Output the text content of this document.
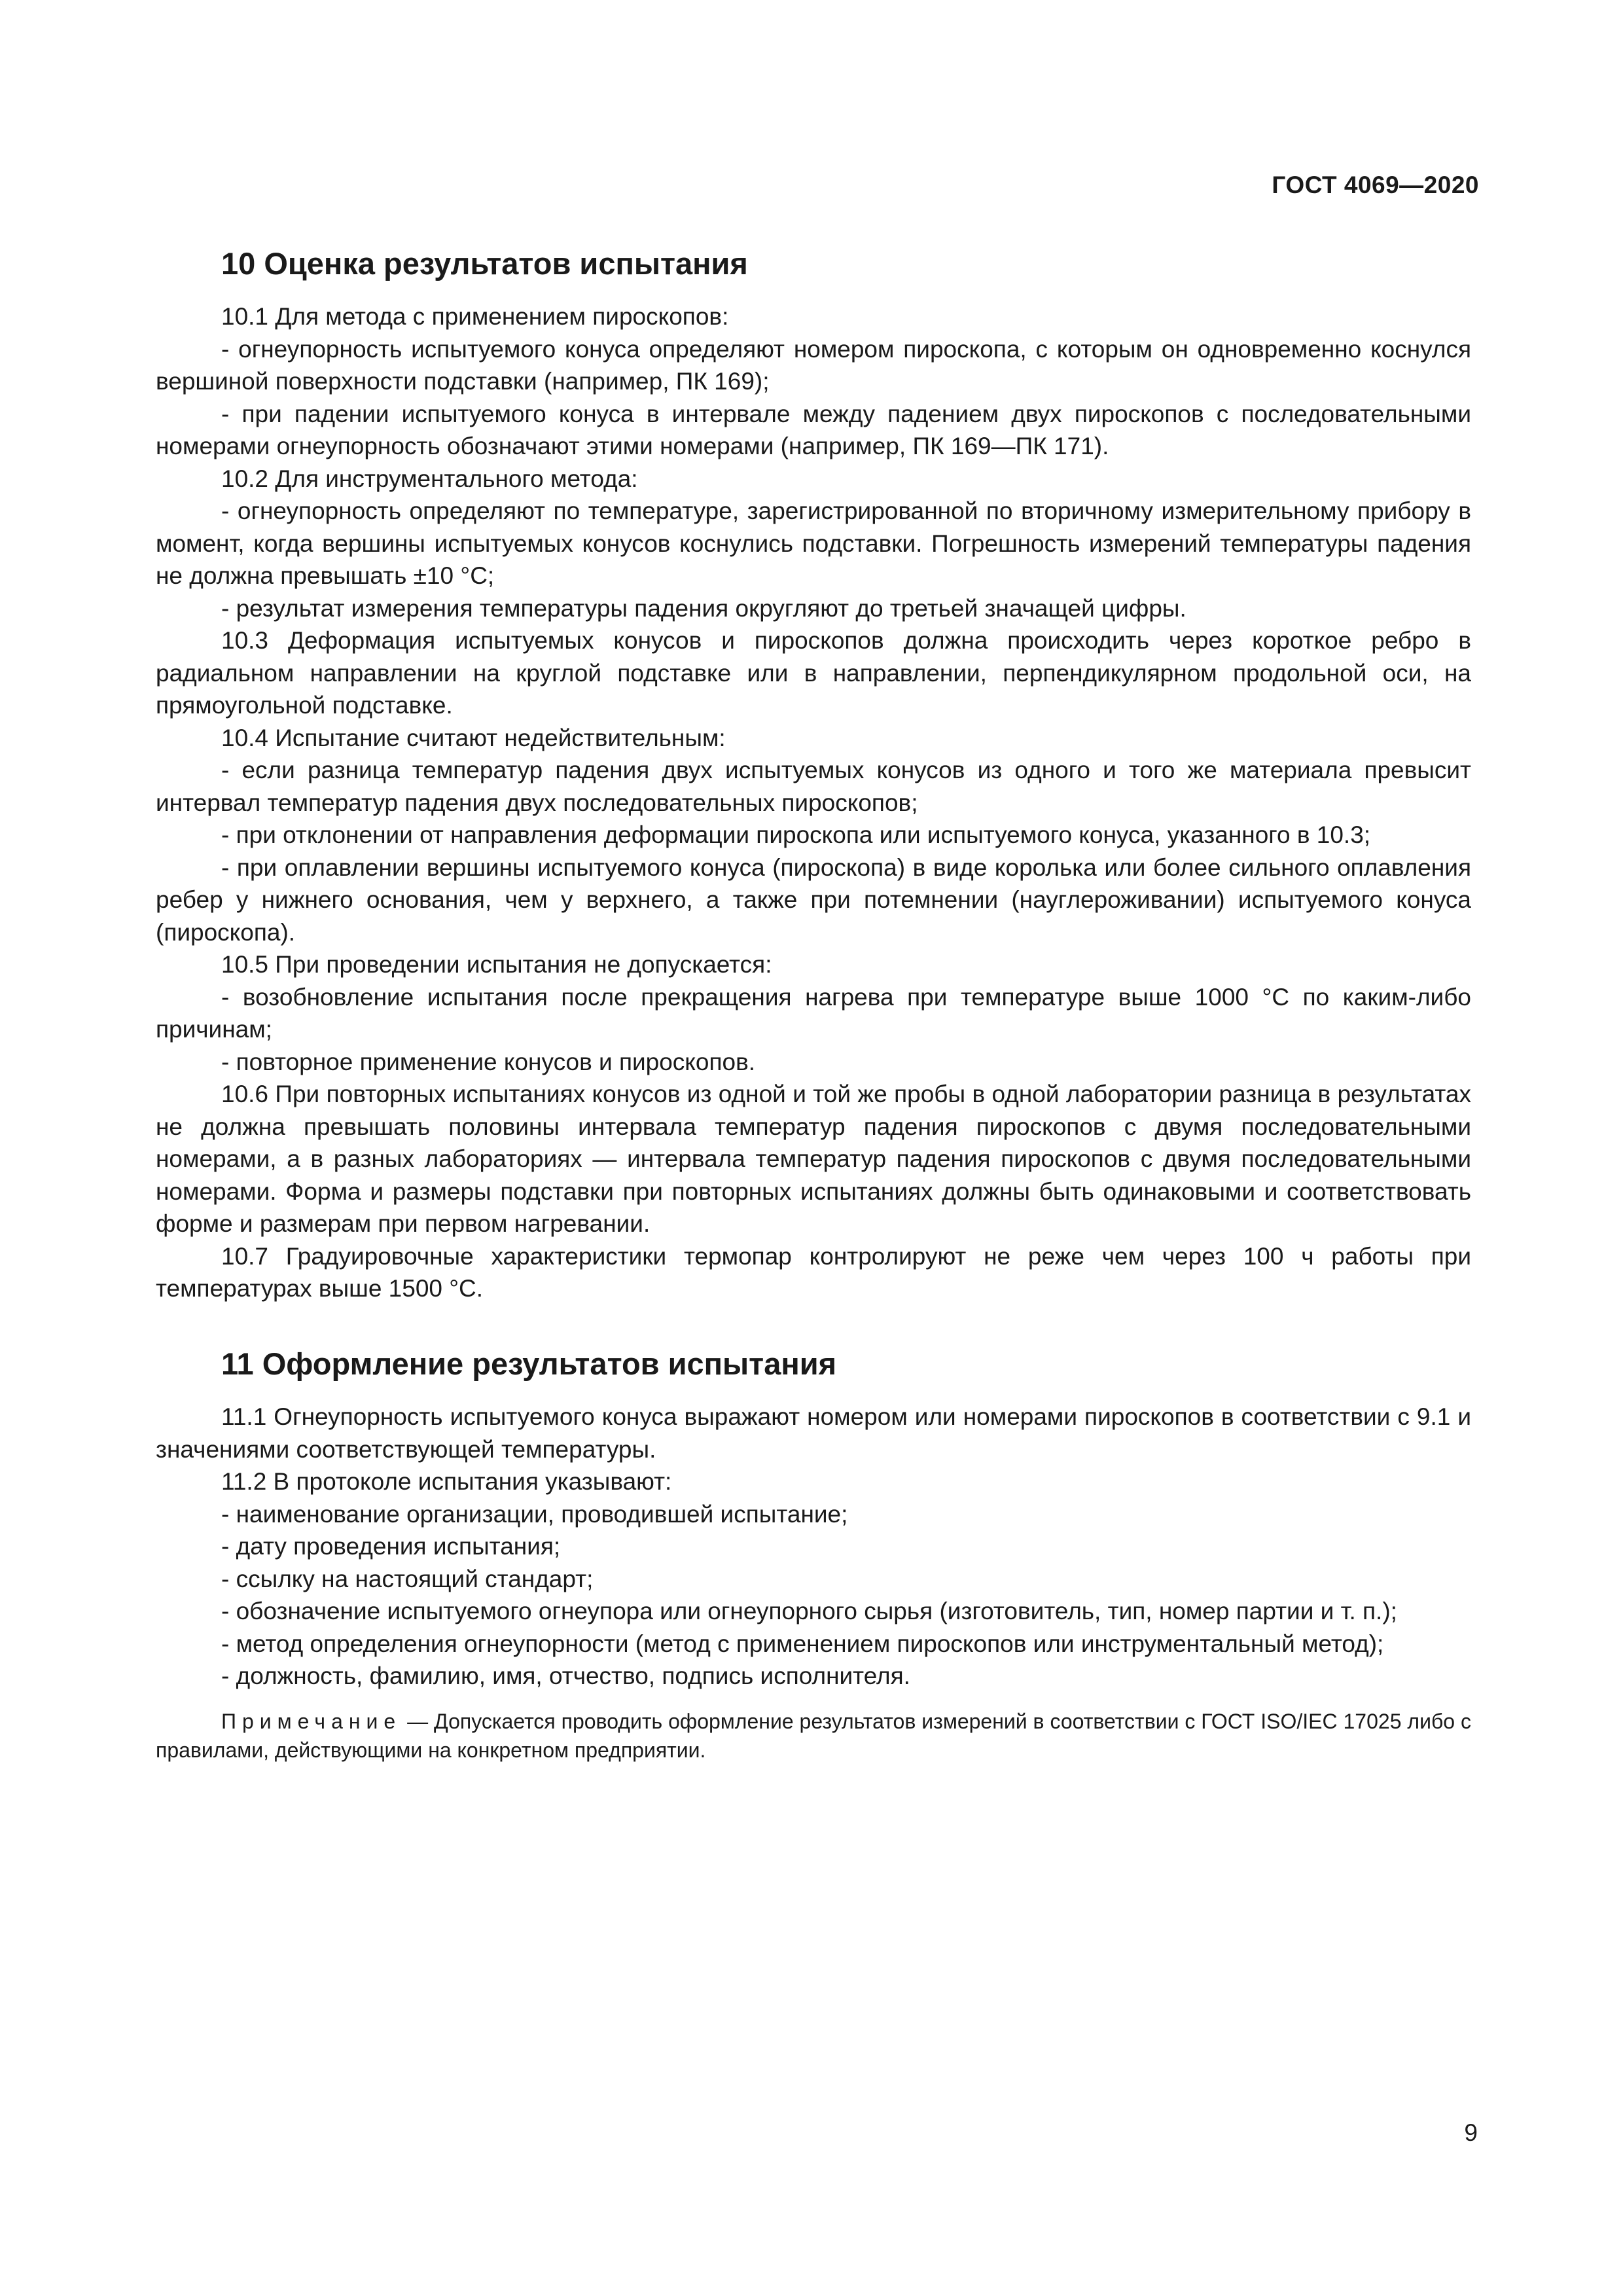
ГОСТ 4069—2020
10 Оценка результатов испытания

10.1 Для метода с применением пироскопов:

- огнеупорность испытуемого конуса определяют номером пироскопа, с которым он одновременно коснулся вершиной поверхности подставки (например, ПК 169);

- при падении испытуемого конуса в интервале между падением двух пироскопов с последовательными номерами огнеупорность обозначают этими номерами (например, ПК 169—ПК 171).

10.2 Для инструментального метода:

- огнеупорность определяют по температуре, зарегистрированной по вторичному измерительному прибору в момент, когда вершины испытуемых конусов коснулись подставки. Погрешность измерений температуры падения не должна превышать ±10 °С;

- результат измерения температуры падения округляют до третьей значащей цифры.

10.3 Деформация испытуемых конусов и пироскопов должна происходить через короткое ребро в радиальном направлении на круглой подставке или в направлении, перпендикулярном продольной оси, на прямоугольной подставке.

10.4 Испытание считают недействительным:

- если разница температур падения двух испытуемых конусов из одного и того же материала превысит интервал температур падения двух последовательных пироскопов;

- при отклонении от направления деформации пироскопа или испытуемого конуса, указанного в 10.3;

- при оплавлении вершины испытуемого конуса (пироскопа) в виде королька или более сильного оплавления ребер у нижнего основания, чем у верхнего, а также при потемнении (науглероживании) испытуемого конуса (пироскопа).

10.5 При проведении испытания не допускается:

- возобновление испытания после прекращения нагрева при температуре выше 1000 °С по каким-либо причинам;

- повторное применение конусов и пироскопов.

10.6 При повторных испытаниях конусов из одной и той же пробы в одной лаборатории разница в результатах не должна превышать половины интервала температур падения пироскопов с двумя последовательными номерами, а в разных лабораториях — интервала температур падения пироскопов с двумя последовательными номерами. Форма и размеры подставки при повторных испытаниях должны быть одинаковыми и соответствовать форме и размерам при первом нагревании.

10.7 Градуировочные характеристики термопар контролируют не реже чем через 100 ч работы при температурах выше 1500 °С.

11 Оформление результатов испытания

11.1 Огнеупорность испытуемого конуса выражают номером или номерами пироскопов в соответствии с 9.1 и значениями соответствующей температуры.

11.2 В протоколе испытания указывают:

- наименование организации, проводившей испытание;

- дату проведения испытания;

- ссылку на настоящий стандарт;

- обозначение испытуемого огнеупора или огнеупорного сырья (изготовитель, тип, номер партии и т. п.);

- метод определения огнеупорности (метод с применением пироскопов или инструментальный метод);

- должность, фамилию, имя, отчество, подпись исполнителя.

Примечание — Допускается проводить оформление результатов измерений в соответствии с ГОСТ ISO/IEC 17025 либо с правилами, действующими на конкретном предприятии.
9
